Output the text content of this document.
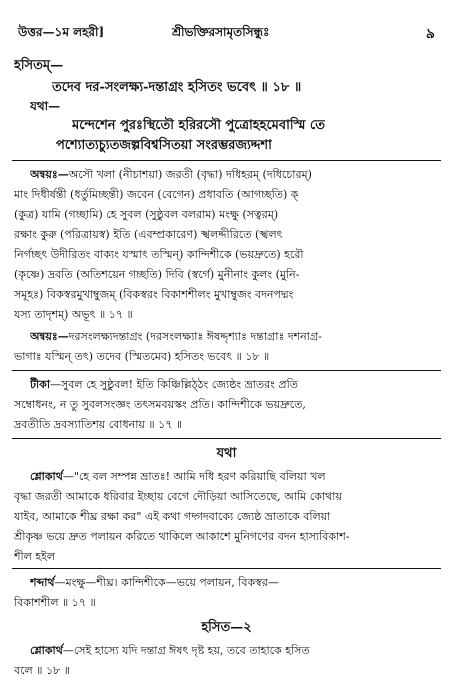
উত্তর—১ম লহরী]	শ্রীভক্তিরসামৃতসিন্ধুঃ	৯
হসিতম্—
তদেব দর-সংলক্ষ্য-দন্তাগ্রং হসিতং ভবেৎ ॥ ১৮ ॥
যথা—
মন্দেশেন পুরঃস্থিতৌ হরিরসৌ পুত্রোহহমেবাস্মি তে
পশ্যোত্যচ্যুতজল্পবিশ্বসিতয়া সংরম্ভরজ্যদ্দশা
অন্বয়ঃ—অসৌ খলা (নীচাশয়া) জরতী (বৃদ্ধা) দধিহরম্ (দধিচোরম্)
মাং দিধীর্ষন্তী (ধর্তুমিচ্ছন্তী) জবেন (বেগেন) প্রধাবতি (আগচ্ছতি) ক্
(কুত্র) যামি (গচ্ছামি) হে সুবল (সুষ্ঠুবল বলরাম) মংক্ষু (সত্বরম্)
রক্ষাং কুরু (পরিত্রায়স্ব) ইতি (এবম্প্রকারেণ) স্খলদ্দীরিতে (স্খলৎ
নির্গচ্ছৎ উদীরিতং বাক্যং যস্মাৎ তস্মিন্) কান্দিশীকে (ভয়দ্রুতে) হরৌ
(কৃষ্ণে) দ্রবতি (অতিশয়েন গচ্ছতি) দিবি (স্বর্গে) মুনীনাং কুলং (মুনি-
সমূহঃ) বিকস্বরমুখাম্বুজম্ (বিকস্বরং বিকাশশীলং মুখাম্বুজং বদনপদ্মং
যস্য তাদৃশম্) অভূৎ ॥ ১৭ ॥
অন্বয়ঃ—দরসংলক্ষ্যদন্তাগ্রং (দরসংলক্ষ্যাঃ ঈষদ্দৃশ্যাঃ দন্তাগ্রাঃ দশনাগ্র-
ভাগাঃ যস্মিন্ তৎ) তদেব (স্মিতমেব) হসিতং ভবেৎ ॥ ১৮ ॥
টীকা—সুবল হে সুষ্ঠুবল! ইতি কিঞ্চিল্লিঠ্ঠং জ্যেষ্ঠং ভ্রাতরং প্রতি
সম্বোধনং, ন তু সুবলসংজ্ঞং তৎসমবয়স্কং প্রতি। কান্দিশীকে ভয়দ্রুতে,
দ্রবতীতি দ্রবস্যাতিশয় বোধনায় ॥ ১৭ ॥
যথা
শ্লোকার্থ—"হে বল সম্পন্ন ভ্রাতঃ! আমি দধি হরণ করিয়াছি বলিয়া খল
বৃদ্ধা জরতী আমাকে ধরিবার ইচ্ছায় বেগে দৌড়িয়া আসিতেছে, আমি কোথায়
যাইব, আমাকে শীঘ্র রক্ষা কর" এই কথা গদ্গদবাক্যে জ্যেষ্ঠ ভ্রাতাকে বলিয়া
শ্রীকৃষ্ণ ভয়ে দ্রুত পলায়ন করিতে থাকিলে আকাশে মুনিগণের বদন হাস্যবিকাশ-
শীল হইল
শব্দার্থ—মংক্ষু—শীঘ্র। কান্দিশীকে—ভয়ে পলায়ন, বিকস্বর—
বিকাশশীল ॥ ১৭ ॥
হসিত—২
শ্লোকার্থ—সেই হাস্যে যদি দন্তাগ্র ঈষৎ দৃষ্ট হয়, তবে তাহাকে হসিত
বলে ॥ ১৮ ॥
